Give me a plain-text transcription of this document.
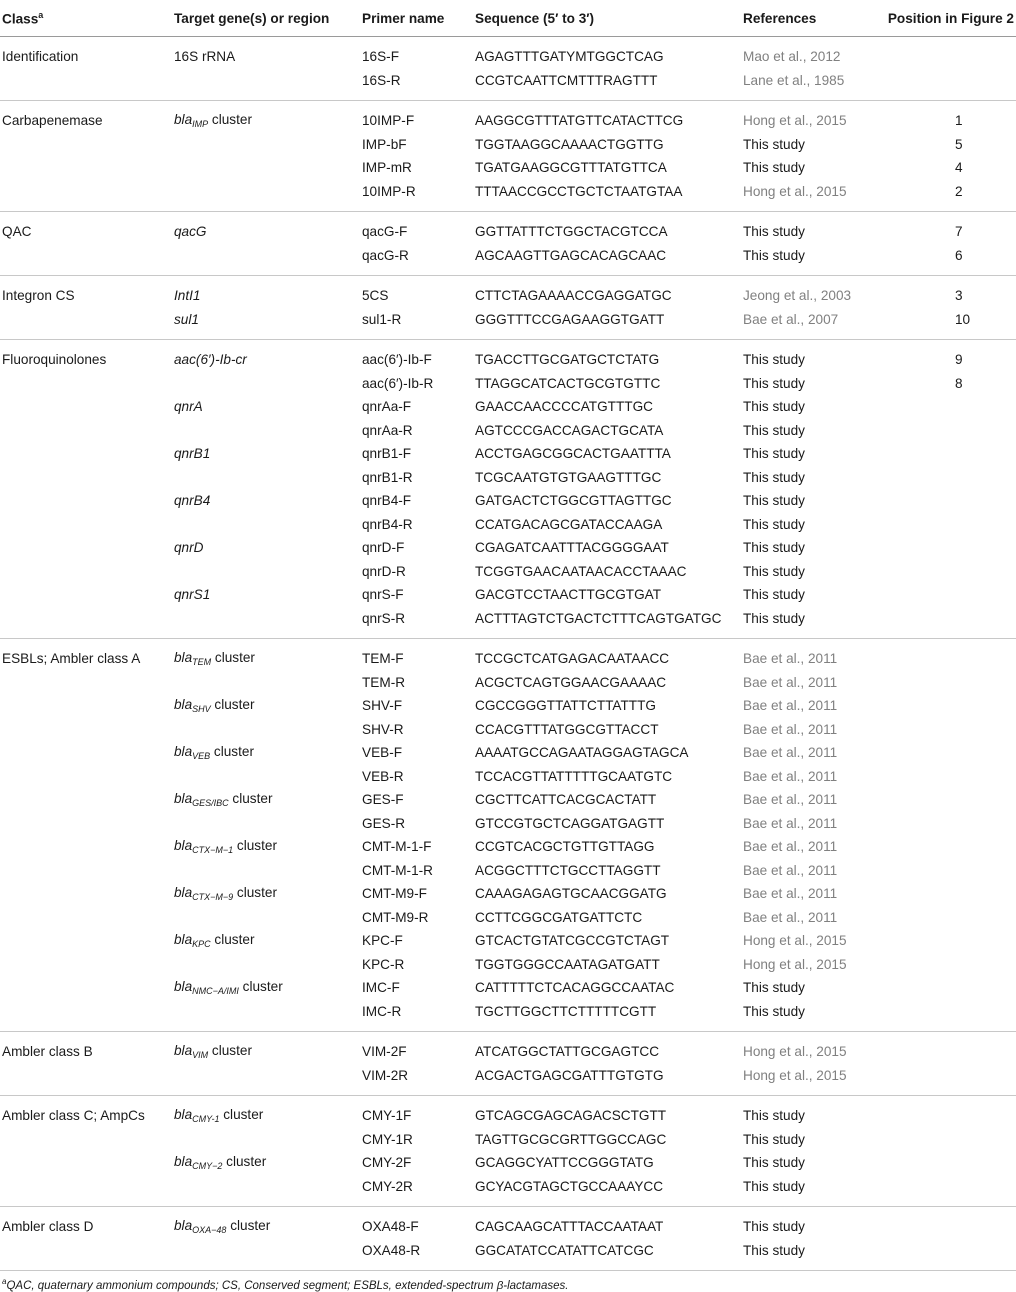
Class$^a$	Target gene(s) or region	Primer name	Sequence (5′ to 3′)	References	Position in Figure 2
Identification	16S rRNA	16S-F	AGAGTTTGATYMTGGCTCAG	Mao et al., 2012	
		16S-R	CCGTCAATTCMTTTRAGTTT	Lane et al., 1985	
Carbapenemase	bla$_{IMP}$ cluster	10IMP-F	AAGGCGTTTATGTTCATACTTCG	Hong et al., 2015	1
		IMP-bF	TGGTAAGGCAAAACTGGTTG	This study	5
		IMP-mR	TGATGAAGGCGTTTATGTTCA	This study	4
		10IMP-R	TTTAACCGCCTGCTCTAATGTAA	Hong et al., 2015	2
QAC	qacG	qacG-F	GGTTATTTCTGGCTACGTCCA	This study	7
		qacG-R	AGCAAGTTGAGCACAGCAAC	This study	6
Integron CS	IntI1	5CS	CTTCTAGAAAACCGAGGATGC	Jeong et al., 2003	3
	sul1	sul1-R	GGGTTTCCGAGAAGGTGATT	Bae et al., 2007	10
Fluoroquinolones	aac(6′)-Ib-cr	aac(6′)-Ib-F	TGACCTTGCGATGCTCTATG	This study	9
		aac(6′)-Ib-R	TTAGGCATCACTGCGTGTTC	This study	8
	qnrA	qnrAa-F	GAACCAACCCCATGTTTGC	This study	
		qnrAa-R	AGTCCCGACCAGACTGCATA	This study	
	qnrB1	qnrB1-F	ACCTGAGCGGCACTGAATTTA	This study	
		qnrB1-R	TCGCAATGTGTGAAGTTTGC	This study	
	qnrB4	qnrB4-F	GATGACTCTGGCGTTAGTTGC	This study	
		qnrB4-R	CCATGACAGCGATACCAAGA	This study	
	qnrD	qnrD-F	CGAGATCAATTTACGGGGAAT	This study	
		qnrD-R	TCGGTGAACAATAACACCTAAAC	This study	
	qnrS1	qnrS-F	GACGTCCTAACTTGCGTGAT	This study	
		qnrS-R	ACTTTAGTCTGACTCTTTCAGTGATGC	This study	
ESBLs; Ambler class A	bla$_{TEM}$ cluster	TEM-F	TCCGCTCATGAGACAATAACC	Bae et al., 2011	
		TEM-R	ACGCTCAGTGGAACGAAAAC	Bae et al., 2011	
	bla$_{SHV}$ cluster	SHV-F	CGCCGGGTTATTCTTATTTG	Bae et al., 2011	
		SHV-R	CCACGTTTATGGCGTTACCT	Bae et al., 2011	
	bla$_{VEB}$ cluster	VEB-F	AAAATGCCAGAATAGGAGTAGCA	Bae et al., 2011	
		VEB-R	TCCACGTTATTTTTGCAATGTC	Bae et al., 2011	
	bla$_{GES/IBC}$ cluster	GES-F	CGCTTCATTCACGCACTATT	Bae et al., 2011	
		GES-R	GTCCGTGCTCAGGATGAGTT	Bae et al., 2011	
	bla$_{CTX-M-1}$ cluster	CMT-M-1-F	CCGTCACGCTGTTGTTAGG	Bae et al., 2011	
		CMT-M-1-R	ACGGCTTTCTGCCTTAGGTT	Bae et al., 2011	
	bla$_{CTX-M-9}$ cluster	CMT-M9-F	CAAAGAGAGTGCAACGGATG	Bae et al., 2011	
		CMT-M9-R	CCTTCGGCGATGATTCTC	Bae et al., 2011	
	bla$_{KPC}$ cluster	KPC-F	GTCACTGTATCGCCGTCTAGT	Hong et al., 2015	
		KPC-R	TGGTGGGCCAATAGATGATT	Hong et al., 2015	
	bla$_{NMC-A/IMI}$ cluster	IMC-F	CATTTTTCTCACAGGCCAATAC	This study	
		IMC-R	TGCTTGGCTTCTTTTTCGTT	This study	
Ambler class B	bla$_{VIM}$ cluster	VIM-2F	ATCATGGCTATTGCGAGTCC	Hong et al., 2015	
		VIM-2R	ACGACTGAGCGATTTGTGTG	Hong et al., 2015	
Ambler class C; AmpCs	bla$_{CMY-1}$ cluster	CMY-1F	GTCAGCGAGCAGACSCTGTT	This study	
		CMY-1R	TAGTTGCGCGRTTGGCCAGC	This study	
	bla$_{CMY-2}$ cluster	CMY-2F	GCAGGCYATTCCGGGTATG	This study	
		CMY-2R	GCYACGTAGCTGCCAAAYCC	This study	
Ambler class D	bla$_{OXA-48}$ cluster	OXA48-F	CAGCAAGCATTTACCAATAAT	This study	
		OXA48-R	GGCATATCCATATTCATCGC	This study	
$^a$QAC, quaternary ammonium compounds; CS, Conserved segment; ESBLs, extended-spectrum β-lactamases.
